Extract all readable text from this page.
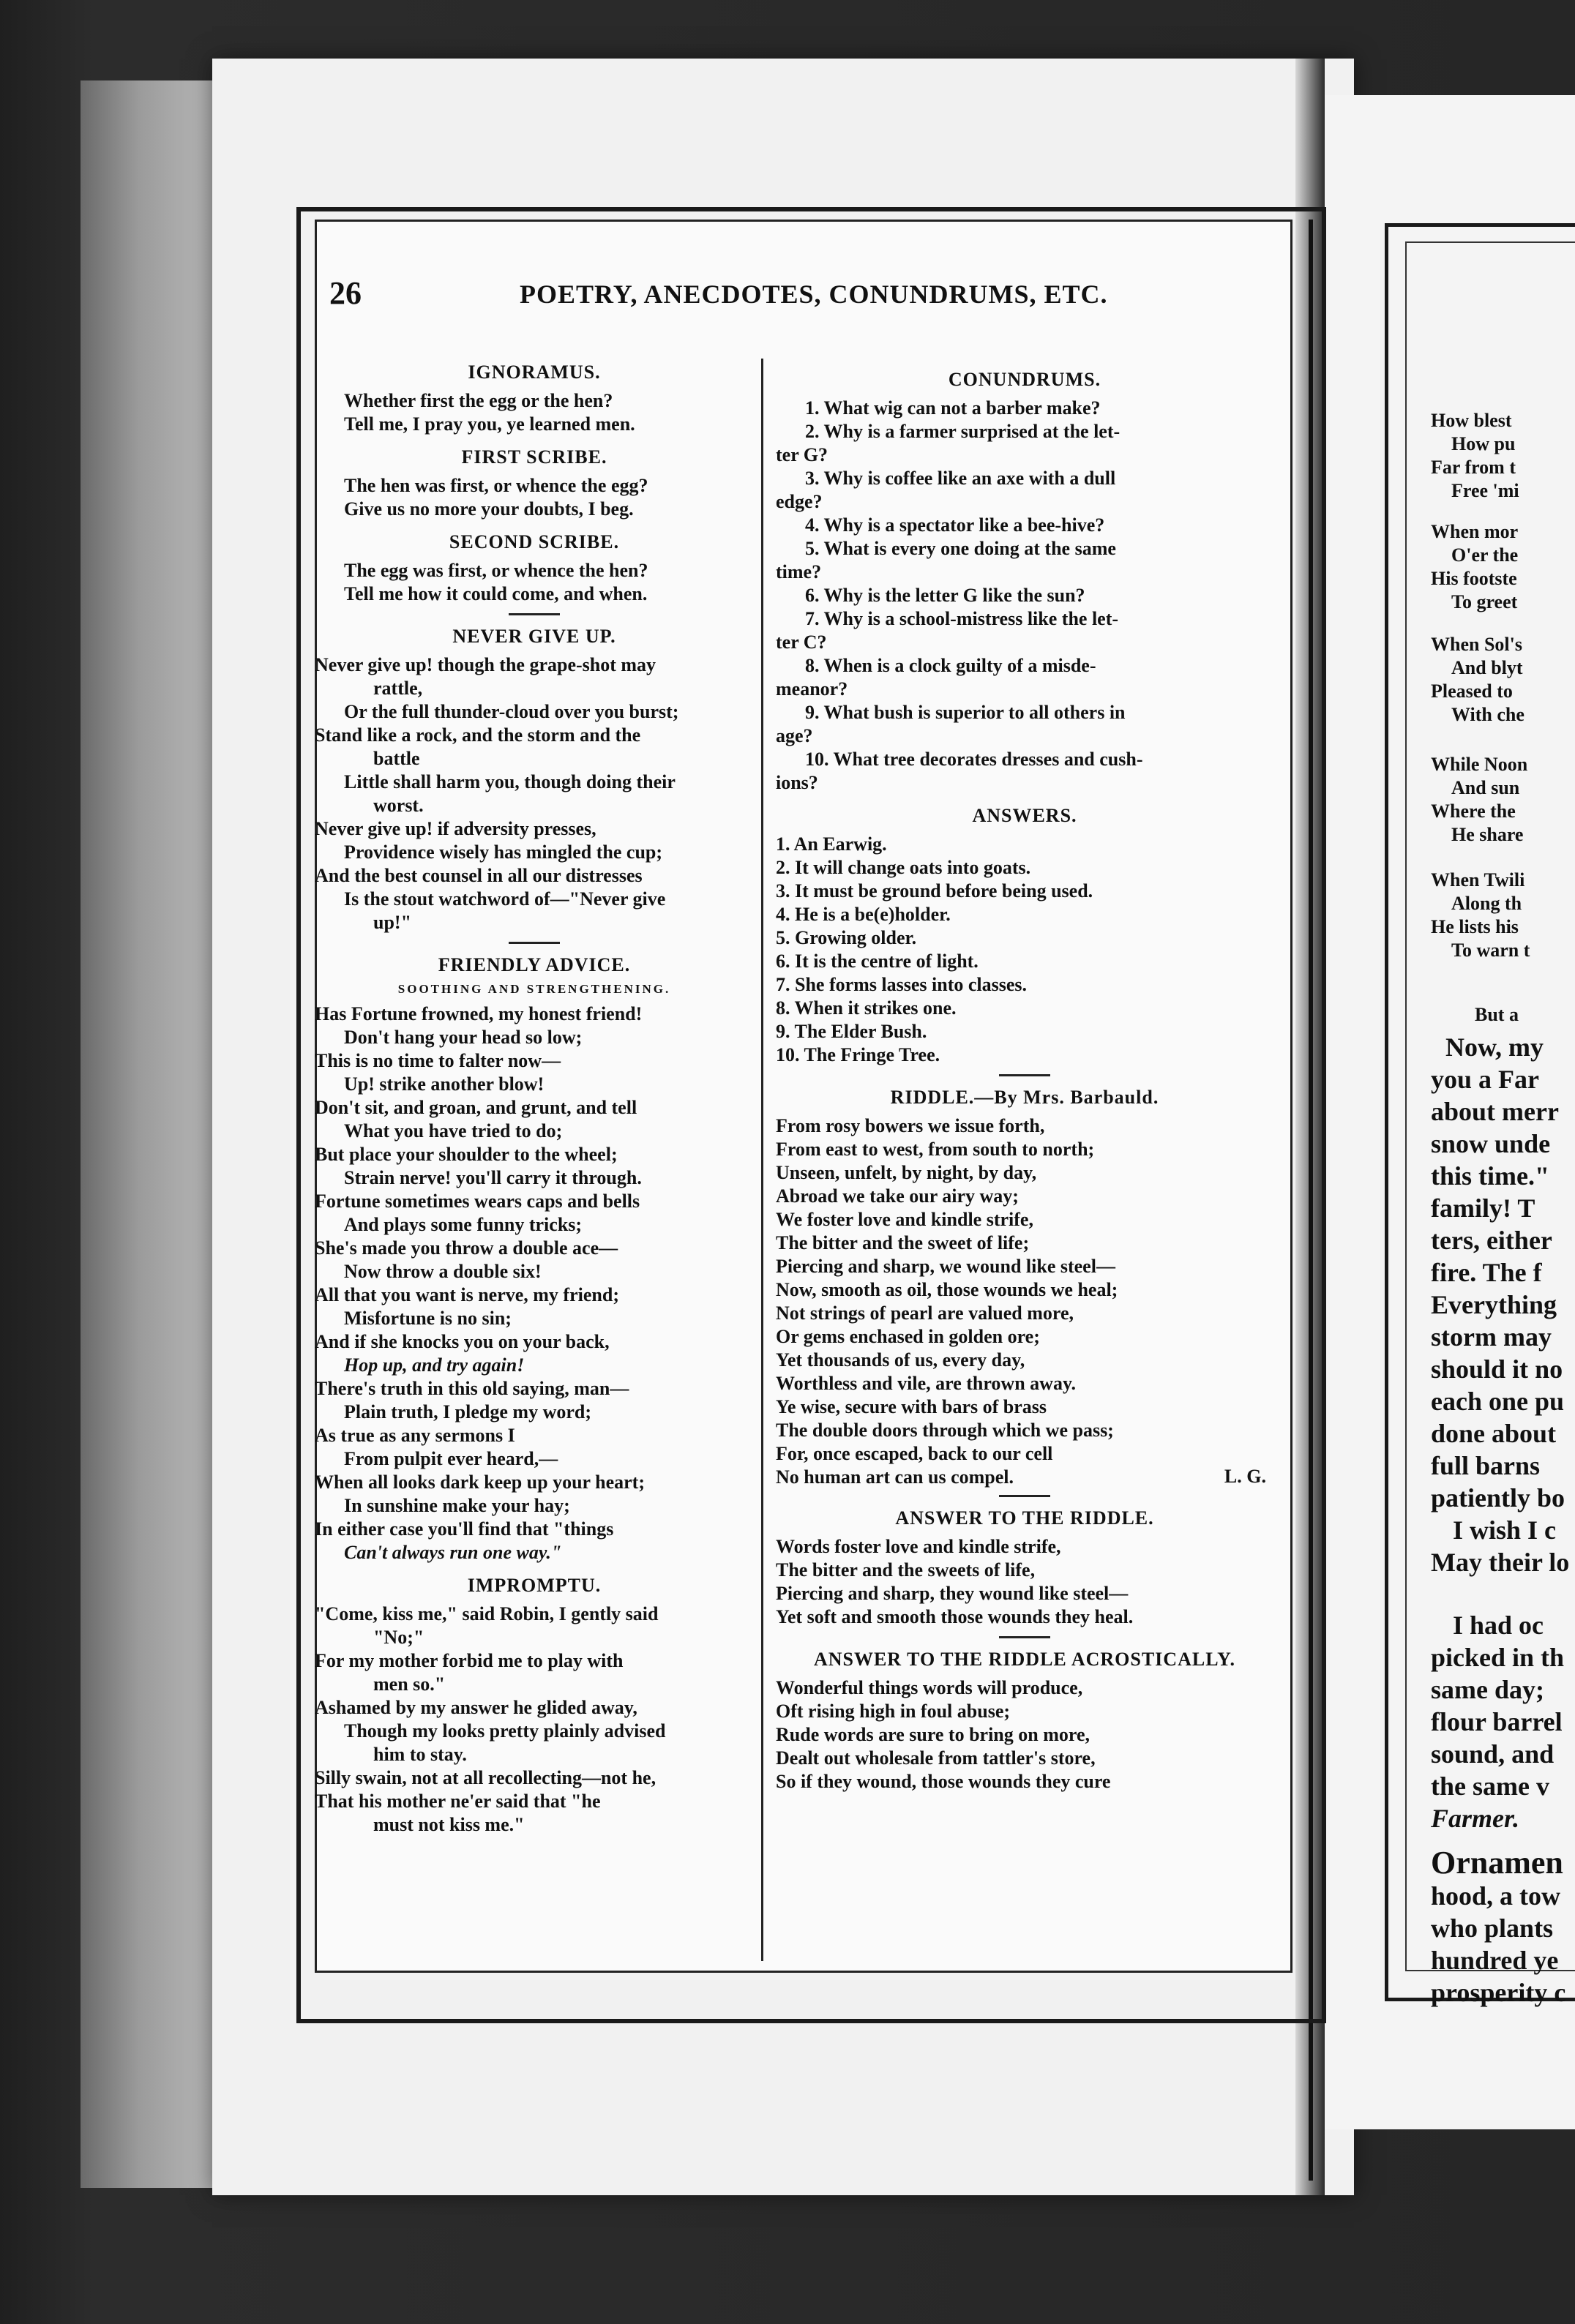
26	POETRY, ANECDOTES, CONUNDRUMS, ETC.
IGNORAMUS.
Whether first the egg or the hen?
Tell me, I pray you, ye learned men.
FIRST SCRIBE.
The hen was first, or whence the egg?
Give us no more your doubts, I beg.
SECOND SCRIBE.
The egg was first, or whence the hen?
Tell me how it could come, and when.
NEVER GIVE UP.
Never give up! though the grape-shot may
rattle,
Or the full thunder-cloud over you burst;
Stand like a rock, and the storm and the
battle
Little shall harm you, though doing their
worst.
Never give up! if adversity presses,
Providence wisely has mingled the cup;
And the best counsel in all our distresses
Is the stout watchword of—"Never give
up!"
FRIENDLY ADVICE.
SOOTHING AND STRENGTHENING.
Has Fortune frowned, my honest friend!
Don't hang your head so low;
This is no time to falter now—
Up! strike another blow!
Don't sit, and groan, and grunt, and tell
What you have tried to do;
But place your shoulder to the wheel;
Strain nerve! you'll carry it through.
Fortune sometimes wears caps and bells
And plays some funny tricks;
She's made you throw a double ace—
Now throw a double six!
All that you want is nerve, my friend;
Misfortune is no sin;
And if she knocks you on your back,
Hop up, and try again!
There's truth in this old saying, man—
Plain truth, I pledge my word;
As true as any sermons I
From pulpit ever heard,—
When all looks dark keep up your heart;
In sunshine make your hay;
In either case you'll find that "things
Can't always run one way."
IMPROMPTU.
"Come, kiss me," said Robin, I gently said
"No;"
For my mother forbid me to play with
men so."
Ashamed by my answer he glided away,
Though my looks pretty plainly advised
him to stay.
Silly swain, not at all recollecting—not he,
That his mother ne'er said that "he
must not kiss me."
CONUNDRUMS.
1. What wig can not a barber make?
2. Why is a farmer surprised at the let-
ter G?
3. Why is coffee like an axe with a dull
edge?
4. Why is a spectator like a bee-hive?
5. What is every one doing at the same
time?
6. Why is the letter G like the sun?
7. Why is a school-mistress like the let-
ter C?
8. When is a clock guilty of a misde-
meanor?
9. What bush is superior to all others in
age?
10. What tree decorates dresses and cush-
ions?
ANSWERS.
1. An Earwig.
2. It will change oats into goats.
3. It must be ground before being used.
4. He is a be(e)holder.
5. Growing older.
6. It is the centre of light.
7. She forms lasses into classes.
8. When it strikes one.
9. The Elder Bush.
10. The Fringe Tree.
RIDDLE.—By Mrs. Barbauld.
From rosy bowers we issue forth,
From east to west, from south to north;
Unseen, unfelt, by night, by day,
Abroad we take our airy way;
We foster love and kindle strife,
The bitter and the sweet of life;
Piercing and sharp, we wound like steel—
Now, smooth as oil, those wounds we heal;
Not strings of pearl are valued more,
Or gems enchased in golden ore;
Yet thousands of us, every day,
Worthless and vile, are thrown away.
Ye wise, secure with bars of brass
The double doors through which we pass;
For, once escaped, back to our cell
No human art can us compel.	L. G.
ANSWER TO THE RIDDLE.
Words foster love and kindle strife,
The bitter and the sweets of life,
Piercing and sharp, they wound like steel—
Yet soft and smooth those wounds they heal.
ANSWER TO THE RIDDLE ACROSTICALLY.
Wonderful things words will produce,
Oft rising high in foul abuse;
Rude words are sure to bring on more,
Dealt out wholesale from tattler's store,
So if they wound, those wounds they cure
How blest
How pu
Far from t
Free 'mi
When mor
O'er the
His footste
To greet
When Sol's
And blyt
Pleased to
With che
While Noon
And sun
Where the
He share
When Twili
Along th
He lists his
To warn t
But a
Now, my
you a Far
about merr
snow unde
this time."
family! T
ters, either
fire. The f
Everything
storm may
should it no
each one pu
done about
full barns
patiently bo
I wish I c
May their lo
I had oc
picked in th
same day;
flour barrel
sound, and
the same v
Farmer.
Ornamen
hood, a tow
who plants
hundred ye
prosperity c
